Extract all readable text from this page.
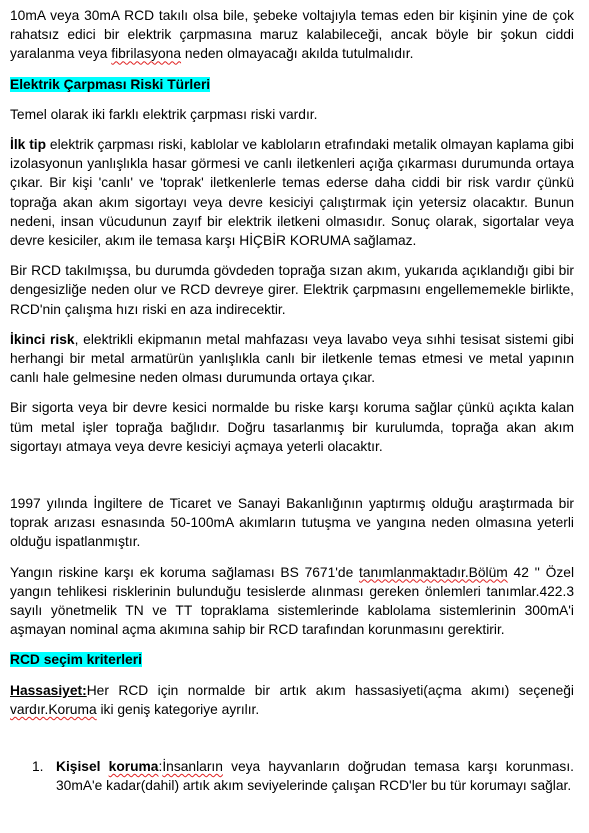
10mA veya 30mA RCD takılı olsa bile, şebeke voltajıyla temas eden bir kişinin yine de çok rahatsız edici bir elektrik çarpmasına maruz kalabileceği, ancak böyle bir şokun ciddi yaralanma veya fibrilasyona neden olmayacağı akılda tutulmalıdır.

Elektrik Çarpması Riski Türleri

Temel olarak iki farklı elektrik çarpması riski vardır.

İlk tip elektrik çarpması riski, kablolar ve kabloların etrafındaki metalik olmayan kaplama gibi izolasyonun yanlışlıkla hasar görmesi ve canlı iletkenleri açığa çıkarması durumunda ortaya çıkar. Bir kişi 'canlı' ve 'toprak' iletkenlerle temas ederse daha ciddi bir risk vardır çünkü toprağa akan akım sigortayı veya devre kesiciyi çalıştırmak için yetersiz olacaktır. Bunun nedeni, insan vücudunun zayıf bir elektrik iletkeni olmasıdır. Sonuç olarak, sigortalar veya devre kesiciler, akım ile temasa karşı HİÇBİR KORUMA sağlamaz.

Bir RCD takılmışsa, bu durumda gövdeden toprağa sızan akım, yukarıda açıklandığı gibi bir dengesizliğe neden olur ve RCD devreye girer. Elektrik çarpmasını engellememekle birlikte, RCD'nin çalışma hızı riski en aza indirecektir.

İkinci risk, elektrikli ekipmanın metal mahfazası veya lavabo veya sıhhi tesisat sistemi gibi herhangi bir metal armatürün yanlışlıkla canlı bir iletkenle temas etmesi ve metal yapının canlı hale gelmesine neden olması durumunda ortaya çıkar.

Bir sigorta veya bir devre kesici normalde bu riske karşı koruma sağlar çünkü açıkta kalan tüm metal işler toprağa bağlıdır. Doğru tasarlanmış bir kurulumda, toprağa akan akım sigortayı atmaya veya devre kesiciyi açmaya yeterli olacaktır.

1997 yılında İngiltere de Ticaret ve Sanayi Bakanlığının yaptırmış olduğu araştırmada bir toprak arızası esnasında 50-100mA akımların tutuşma ve yangına neden olmasına yeterli olduğu ispatlanmıştır.

Yangın riskine karşı ek koruma sağlaması BS 7671'de tanımlanmaktadır.Bölüm 42 '' Özel yangın tehlikesi risklerinin bulunduğu tesislerde alınması gereken önlemleri tanımlar.422.3 sayılı yönetmelik TN ve TT topraklama sistemlerinde kablolama sistemlerinin 300mA'i aşmayan nominal açma akımına sahip bir RCD tarafından korunmasını gerektirir.

RCD seçim kriterleri

Hassasiyet:Her RCD için normalde bir artık akım hassasiyeti(açma akımı) seçeneği vardır.Koruma iki geniş kategoriye ayrılır.

1. Kişisel koruma:İnsanların veya hayvanların doğrudan temasa karşı korunması. 30mA'e kadar(dahil) artık akım seviyelerinde çalışan RCD'ler bu tür korumayı sağlar.
